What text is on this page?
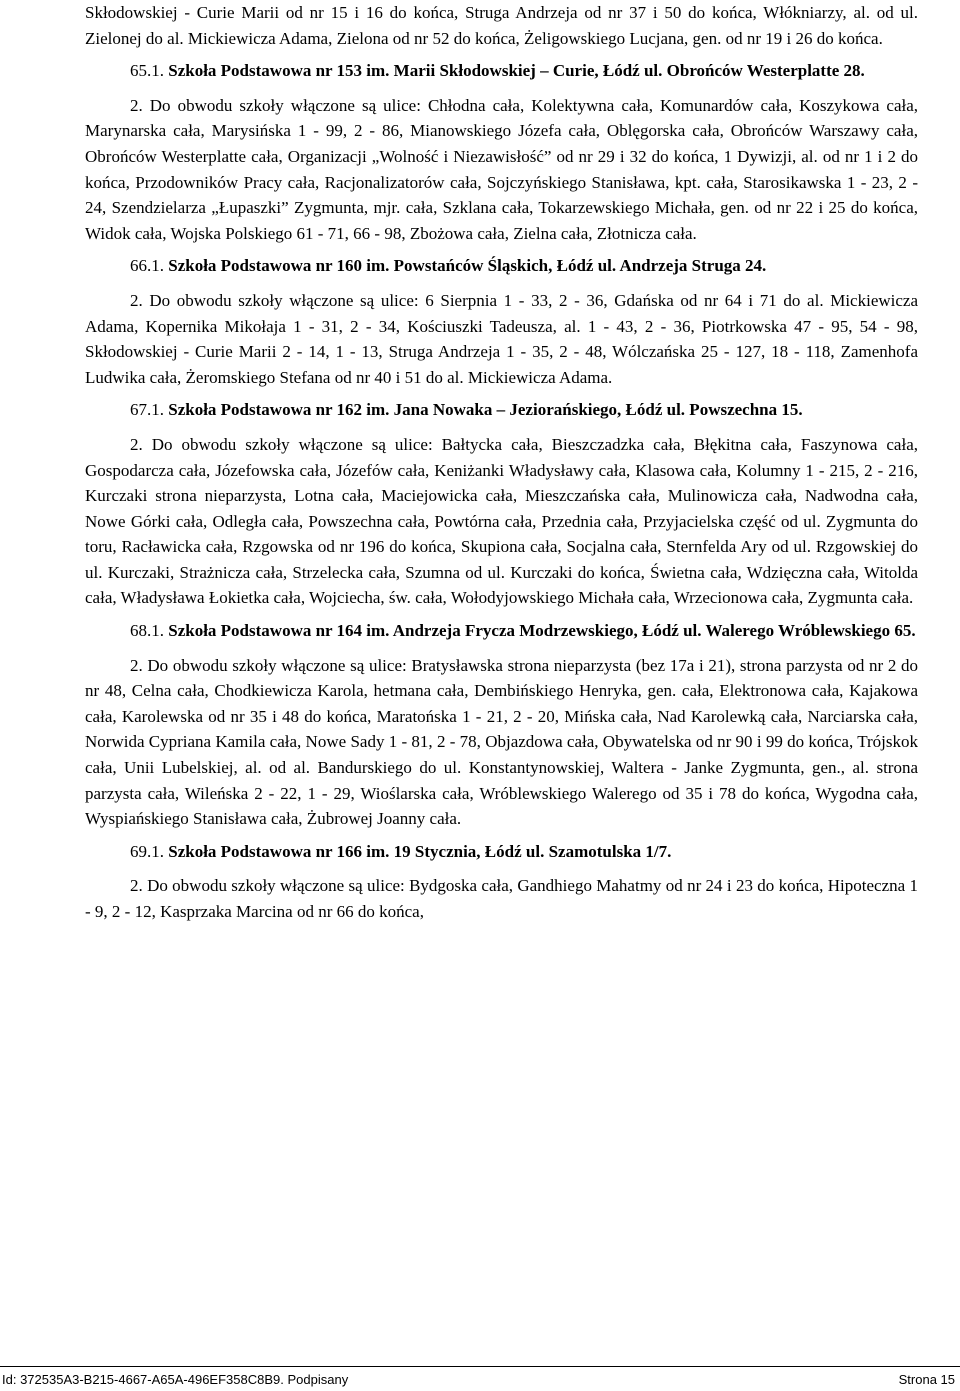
Skłodowskiej - Curie Marii od nr 15 i 16 do końca, Struga Andrzeja od nr 37 i 50 do końca, Włókniarzy, al. od ul. Zielonej do al. Mickiewicza Adama, Zielona od nr 52 do końca, Żeligowskiego Lucjana, gen. od nr 19 i 26 do końca.

65.1. Szkoła Podstawowa nr 153 im. Marii Skłodowskiej – Curie, Łódź ul. Obrońców Westerplatte 28.

2. Do obwodu szkoły włączone są ulice: Chłodna cała, Kolektywna cała, Komunardów cała, Koszykowa cała, Marynarska cała, Marysińska 1 - 99, 2 - 86, Mianowskiego Józefa cała, Oblęgorska cała, Obrońców Warszawy cała, Obrońców Westerplatte cała, Organizacji „Wolność i Niezawisłość” od nr 29 i 32 do końca, 1 Dywizji, al. od nr 1 i 2 do końca, Przodowników Pracy cała, Racjonalizatorów cała, Sojczyńskiego Stanisława, kpt. cała, Starosikawska 1 - 23, 2 - 24, Szendzielarza „Łupaszki” Zygmunta, mjr. cała, Szklana cała, Tokarzewskiego Michała, gen. od nr 22 i 25 do końca, Widok cała, Wojska Polskiego 61 - 71, 66 - 98, Zbożowa cała, Zielna cała, Złotnicza cała.

66.1. Szkoła Podstawowa nr 160 im. Powstańców Śląskich, Łódź ul. Andrzeja Struga 24.

2. Do obwodu szkoły włączone są ulice: 6 Sierpnia 1 - 33, 2 - 36, Gdańska od nr 64 i 71 do al. Mickiewicza Adama, Kopernika Mikołaja 1 - 31, 2 - 34, Kościuszki Tadeusza, al. 1 - 43, 2 - 36, Piotrkowska 47 - 95, 54 - 98, Skłodowskiej - Curie Marii 2 - 14, 1 - 13, Struga Andrzeja 1 - 35, 2 - 48, Wólczańska 25 - 127, 18 - 118, Zamenhofa Ludwika cała, Żeromskiego Stefana od nr 40 i 51 do al. Mickiewicza Adama.

67.1. Szkoła Podstawowa nr 162 im. Jana Nowaka – Jeziorańskiego, Łódź ul. Powszechna 15.

2. Do obwodu szkoły włączone są ulice: Bałtycka cała, Bieszczadzka cała, Błękitna cała, Faszynowa cała, Gospodarcza cała, Józefowska cała, Józefów cała, Keniżanki Władysławy cała, Klasowa cała, Kolumny 1 - 215, 2 - 216, Kurczaki strona nieparzysta, Lotna cała, Maciejowicka cała, Mieszczańska cała, Mulinowicza cała, Nadwodna cała, Nowe Górki cała, Odległa cała, Powszechna cała, Powtórna cała, Przednia cała, Przyjacielska część od ul. Zygmunta do toru, Racławicka cała, Rzgowska od nr 196 do końca, Skupiona cała, Socjalna cała, Sternfelda Ary od ul. Rzgowskiej do ul. Kurczaki, Strażnicza cała, Strzelecka cała, Szumna od ul. Kurczaki do końca, Świetna cała, Wdzięczna cała, Witolda cała, Władysława Łokietka cała, Wojciecha, św. cała, Wołodyjowskiego Michała cała, Wrzecionowa cała, Zygmunta cała.

68.1. Szkoła Podstawowa nr 164 im. Andrzeja Frycza Modrzewskiego, Łódź ul. Walerego Wróblewskiego 65.

2. Do obwodu szkoły włączone są ulice: Bratysławska strona nieparzysta (bez 17a i 21), strona parzysta od nr 2 do nr 48, Celna cała, Chodkiewicza Karola, hetmana cała, Dembińskiego Henryka, gen. cała, Elektronowa cała, Kajakowa cała, Karolewska od nr 35 i 48 do końca, Maratońska 1 - 21, 2 - 20, Mińska cała, Nad Karolewką cała, Narciarska cała, Norwida Cypriana Kamila cała, Nowe Sady 1 - 81, 2 - 78, Objazdowa cała, Obywatelska od nr 90 i 99 do końca, Trójskok cała, Unii Lubelskiej, al. od al. Bandurskiego do ul. Konstantynowskiej, Waltera - Janke Zygmunta, gen., al. strona parzysta cała, Wileńska 2 - 22, 1 - 29, Wioślarska cała, Wróblewskiego Walerego od 35 i 78 do końca, Wygodna cała, Wyspiańskiego Stanisława cała, Żubrowej Joanny cała.

69.1. Szkoła Podstawowa nr 166 im. 19 Stycznia, Łódź ul. Szamotulska 1/7.

2. Do obwodu szkoły włączone są ulice: Bydgoska cała, Gandhiego Mahatmy od nr 24 i 23 do końca, Hipoteczna 1 - 9, 2 - 12, Kasprzaka Marcina od nr 66 do końca,

Id: 372535A3-B215-4667-A65A-496EF358C8B9. Podpisany	Strona 15
